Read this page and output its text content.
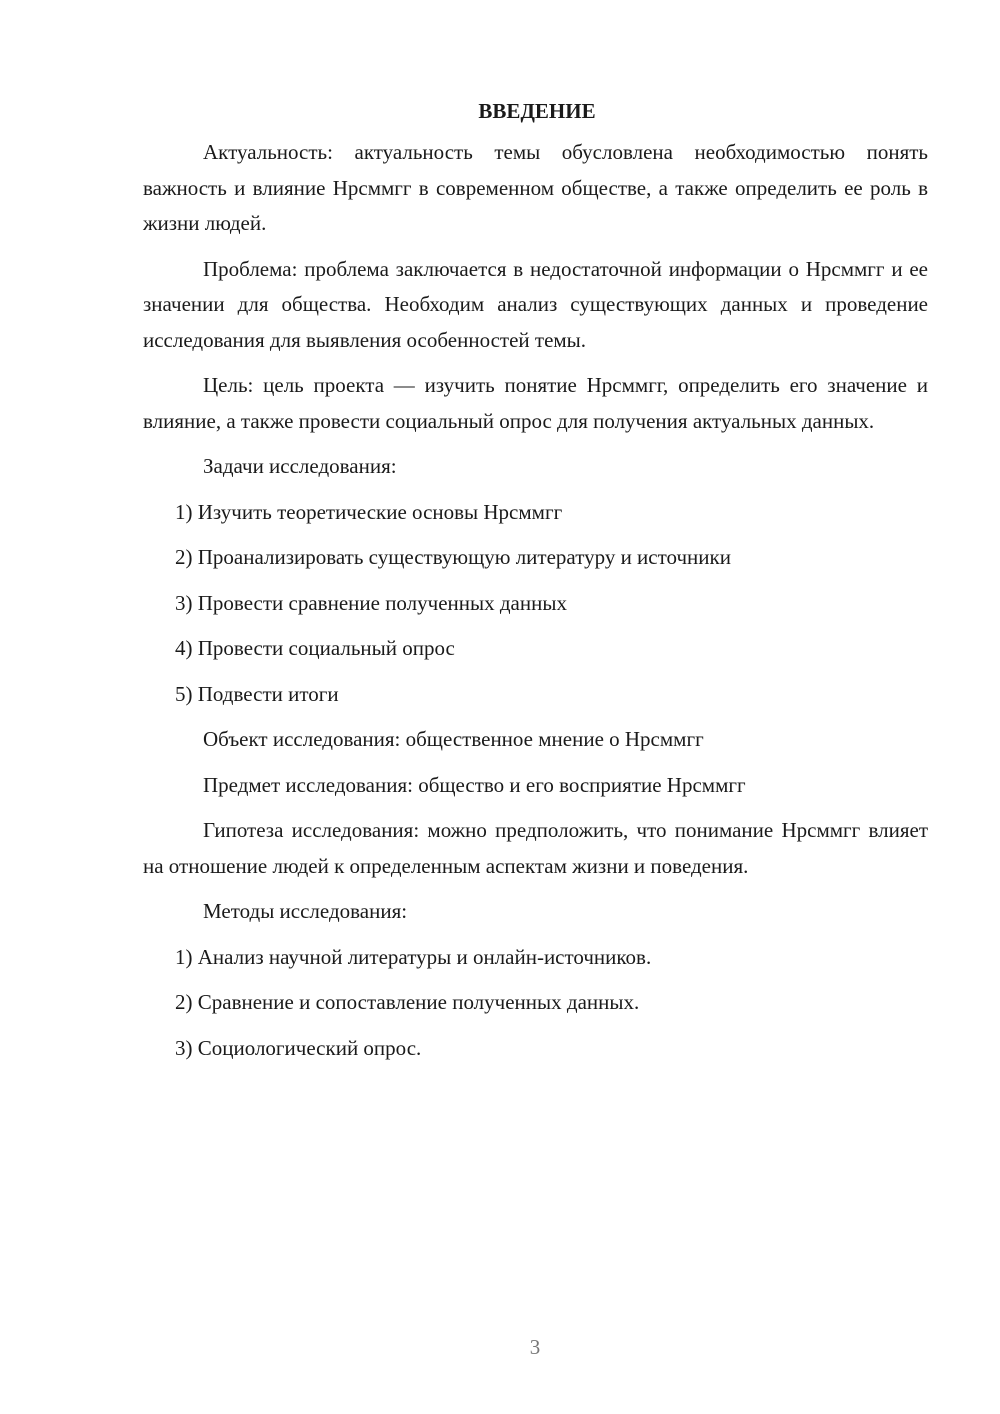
ВВЕДЕНИЕ

Актуальность: актуальность темы обусловлена необходимостью понять важность и влияние Нрсммгг в современном обществе, а также определить ее роль в жизни людей.

Проблема: проблема заключается в недостаточной информации о Нрсммгг и ее значении для общества. Необходим анализ существующих данных и проведение исследования для выявления особенностей темы.

Цель: цель проекта — изучить понятие Нрсммгг, определить его значение и влияние, а также провести социальный опрос для получения актуальных данных.

Задачи исследования:

1) Изучить теоретические основы Нрсммгг

2) Проанализировать существующую литературу и источники

3) Провести сравнение полученных данных

4) Провести социальный опрос

5) Подвести итоги

Объект исследования: общественное мнение о Нрсммгг

Предмет исследования: общество и его восприятие Нрсммгг

Гипотеза исследования: можно предположить, что понимание Нрсммгг влияет на отношение людей к определенным аспектам жизни и поведения.

Методы исследования:

1) Анализ научной литературы и онлайн-источников.

2) Сравнение и сопоставление полученных данных.

3) Социологический опрос.

3
